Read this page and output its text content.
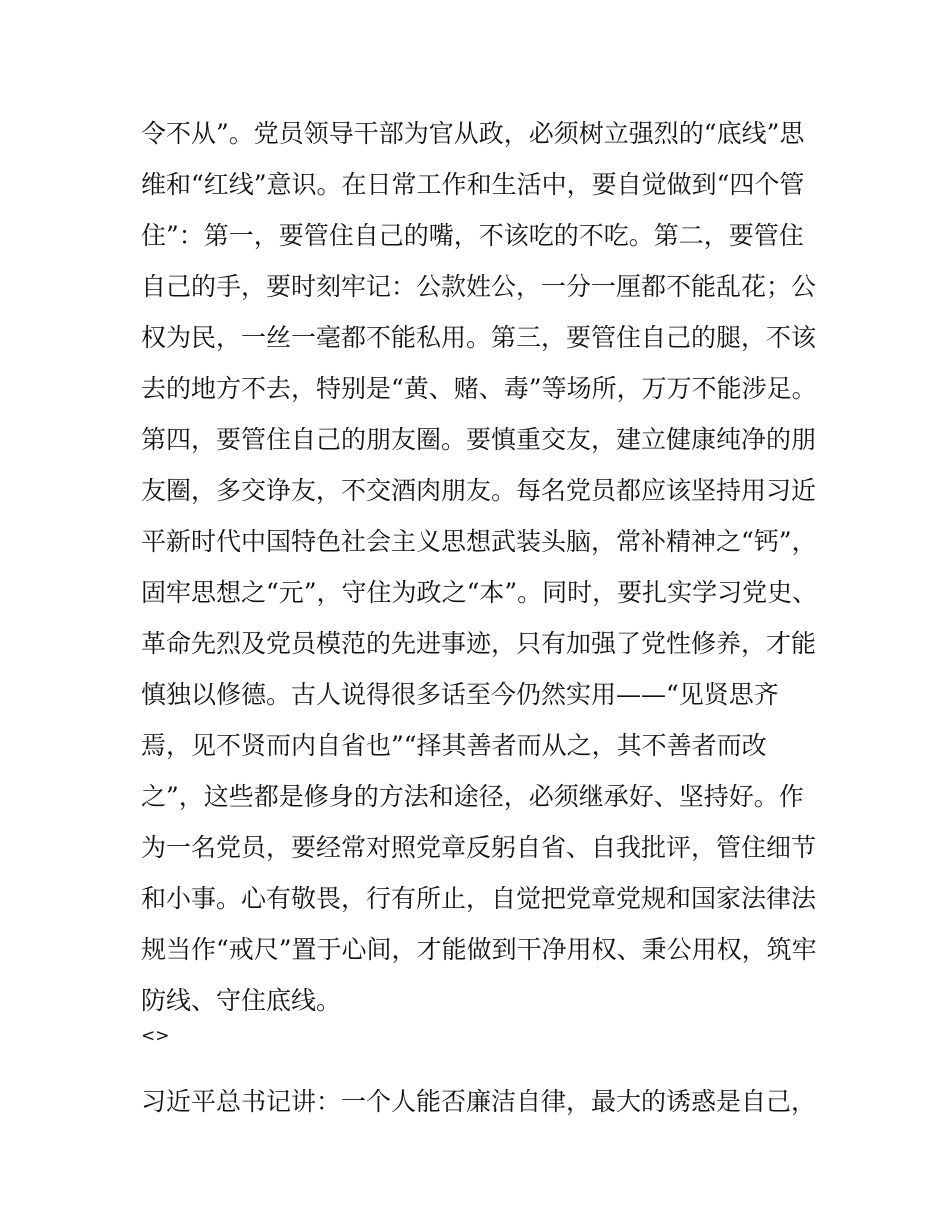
令不从”。党员领导干部为官从政，必须树立强烈的“底线”思
维和“红线”意识。在日常工作和生活中，要自觉做到“四个管
住”：第一，要管住自己的嘴，不该吃的不吃。第二，要管住
自己的手，要时刻牢记：公款姓公，一分一厘都不能乱花；公
权为民，一丝一毫都不能私用。第三，要管住自己的腿，不该
去的地方不去，特别是“黄、赌、毒”等场所，万万不能涉足。
第四，要管住自己的朋友圈。要慎重交友，建立健康纯净的朋
友圈，多交诤友，不交酒肉朋友。每名党员都应该坚持用习近
平新时代中国特色社会主义思想武装头脑，常补精神之“钙”，
固牢思想之“元”，守住为政之“本”。同时，要扎实学习党史、
革命先烈及党员模范的先进事迹，只有加强了党性修养，才能
慎独以修德。古人说得很多话至今仍然实用——“见贤思齐
焉，见不贤而内自省也”“择其善者而从之，其不善者而改
之”，这些都是修身的方法和途径，必须继承好、坚持好。作
为一名党员，要经常对照党章反躬自省、自我批评，管住细节
和小事。心有敬畏，行有所止，自觉把党章党规和国家法律法
规当作“戒尺”置于心间，才能做到干净用权、秉公用权，筑牢
防线、守住底线。
<>
习近平总书记讲：一个人能否廉洁自律，最大的诱惑是自己，
